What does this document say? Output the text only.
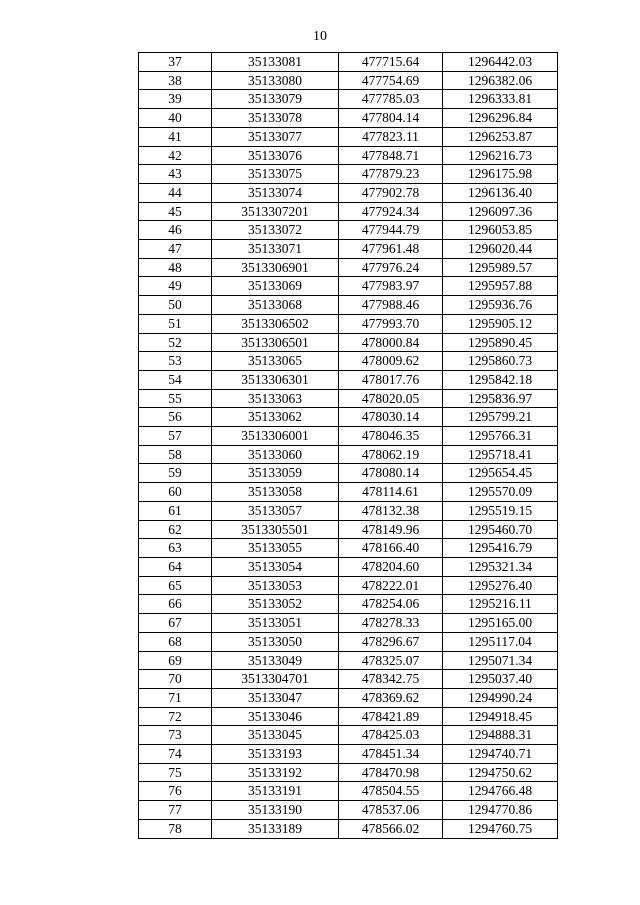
10
37	35133081	477715.64	1296442.03
38	35133080	477754.69	1296382.06
39	35133079	477785.03	1296333.81
40	35133078	477804.14	1296296.84
41	35133077	477823.11	1296253.87
42	35133076	477848.71	1296216.73
43	35133075	477879.23	1296175.98
44	35133074	477902.78	1296136.40
45	3513307201	477924.34	1296097.36
46	35133072	477944.79	1296053.85
47	35133071	477961.48	1296020.44
48	3513306901	477976.24	1295989.57
49	35133069	477983.97	1295957.88
50	35133068	477988.46	1295936.76
51	3513306502	477993.70	1295905.12
52	3513306501	478000.84	1295890.45
53	35133065	478009.62	1295860.73
54	3513306301	478017.76	1295842.18
55	35133063	478020.05	1295836.97
56	35133062	478030.14	1295799.21
57	3513306001	478046.35	1295766.31
58	35133060	478062.19	1295718.41
59	35133059	478080.14	1295654.45
60	35133058	478114.61	1295570.09
61	35133057	478132.38	1295519.15
62	3513305501	478149.96	1295460.70
63	35133055	478166.40	1295416.79
64	35133054	478204.60	1295321.34
65	35133053	478222.01	1295276.40
66	35133052	478254.06	1295216.11
67	35133051	478278.33	1295165.00
68	35133050	478296.67	1295117.04
69	35133049	478325.07	1295071.34
70	3513304701	478342.75	1295037.40
71	35133047	478369.62	1294990.24
72	35133046	478421.89	1294918.45
73	35133045	478425.03	1294888.31
74	35133193	478451.34	1294740.71
75	35133192	478470.98	1294750.62
76	35133191	478504.55	1294766.48
77	35133190	478537.06	1294770.86
78	35133189	478566.02	1294760.75
